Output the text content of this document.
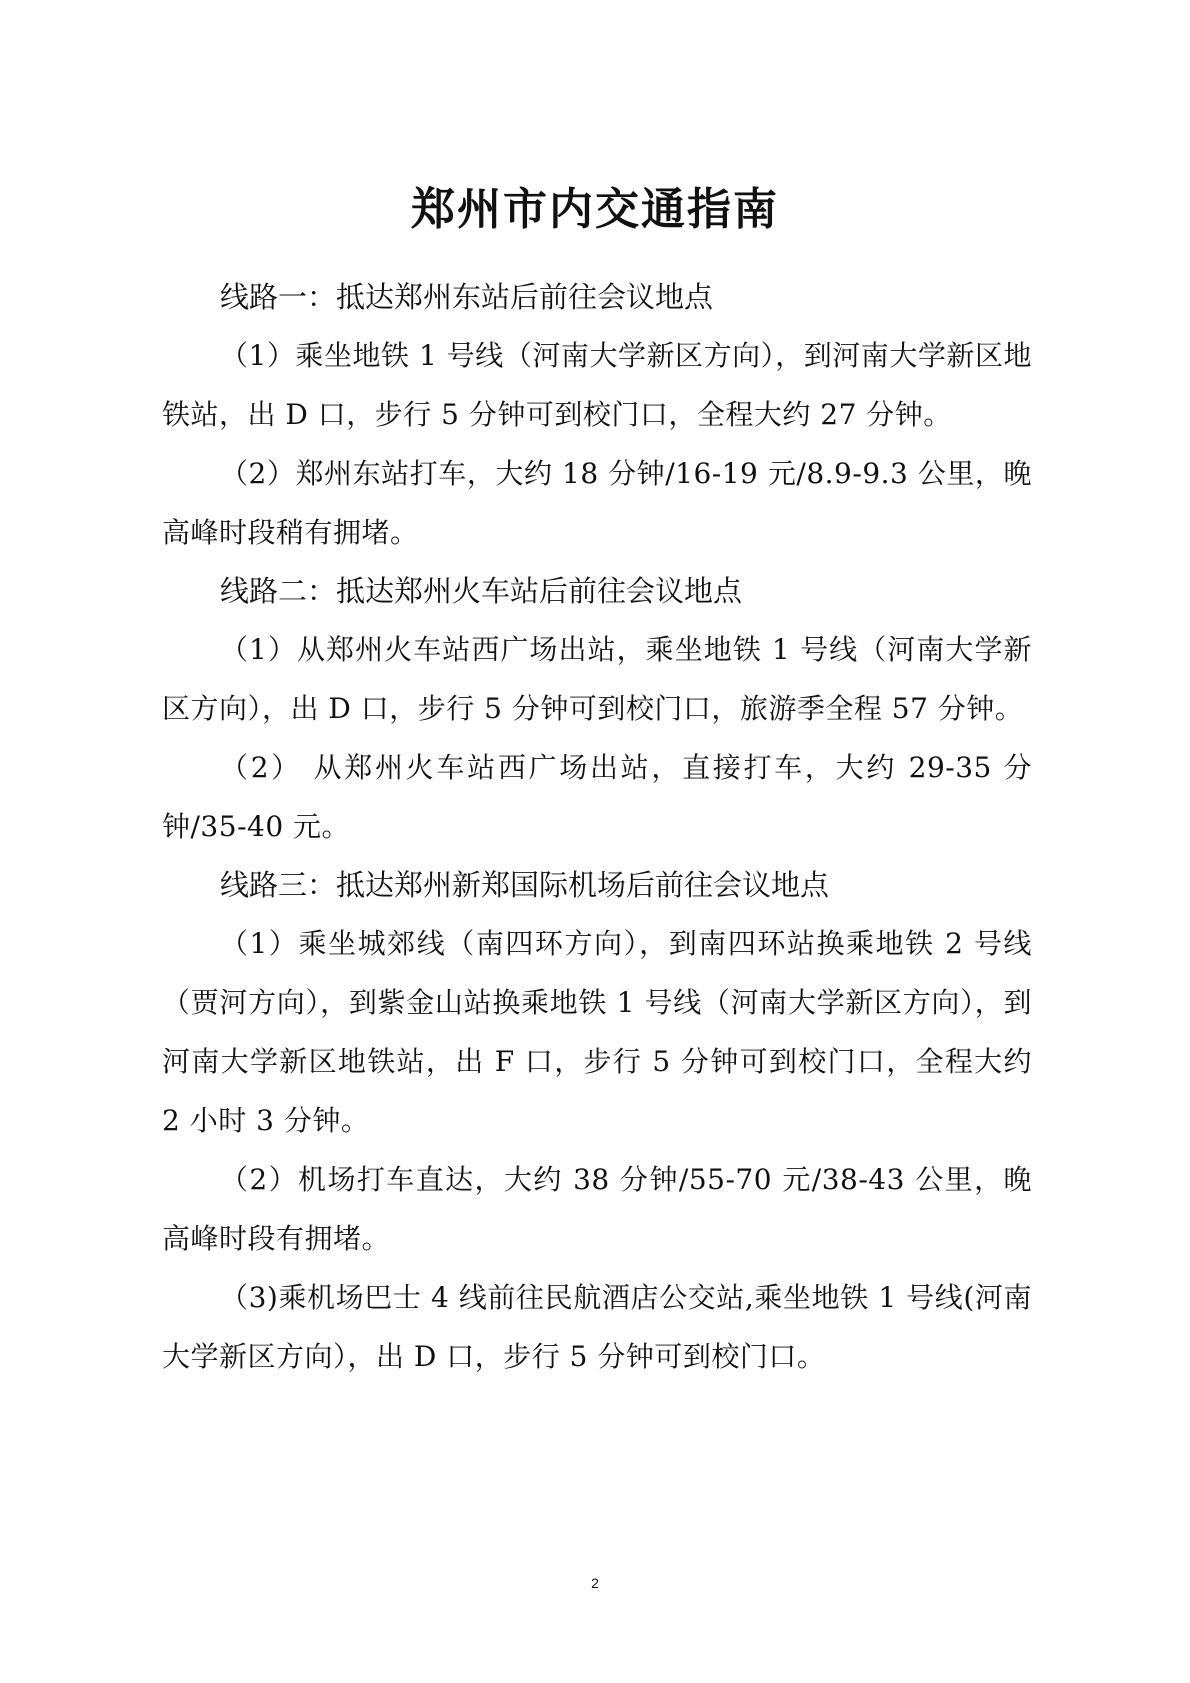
郑州市内交通指南

线路一：抵达郑州东站后前往会议地点

（1）乘坐地铁 1 号线（河南大学新区方向），到河南大学新区地铁站，出 D 口，步行 5 分钟可到校门口，全程大约 27 分钟。

（2）郑州东站打车，大约 18 分钟/16-19 元/8.9-9.3 公里，晚高峰时段稍有拥堵。

线路二：抵达郑州火车站后前往会议地点

（1）从郑州火车站西广场出站，乘坐地铁 1 号线（河南大学新区方向），出 D 口，步行 5 分钟可到校门口，旅游季全程 57 分钟。

（2） 从郑州火车站西广场出站，直接打车，大约 29-35 分钟/35-40 元。

线路三：抵达郑州新郑国际机场后前往会议地点

（1）乘坐城郊线（南四环方向），到南四环站换乘地铁 2 号线（贾河方向），到紫金山站换乘地铁 1 号线（河南大学新区方向），到河南大学新区地铁站，出 F 口，步行 5 分钟可到校门口，全程大约 2 小时 3 分钟。

（2）机场打车直达，大约 38 分钟/55-70 元/38-43 公里，晚高峰时段有拥堵。

（3)乘机场巴士 4 线前往民航酒店公交站,乘坐地铁 1 号线(河南大学新区方向），出 D 口，步行 5 分钟可到校门口。

2
